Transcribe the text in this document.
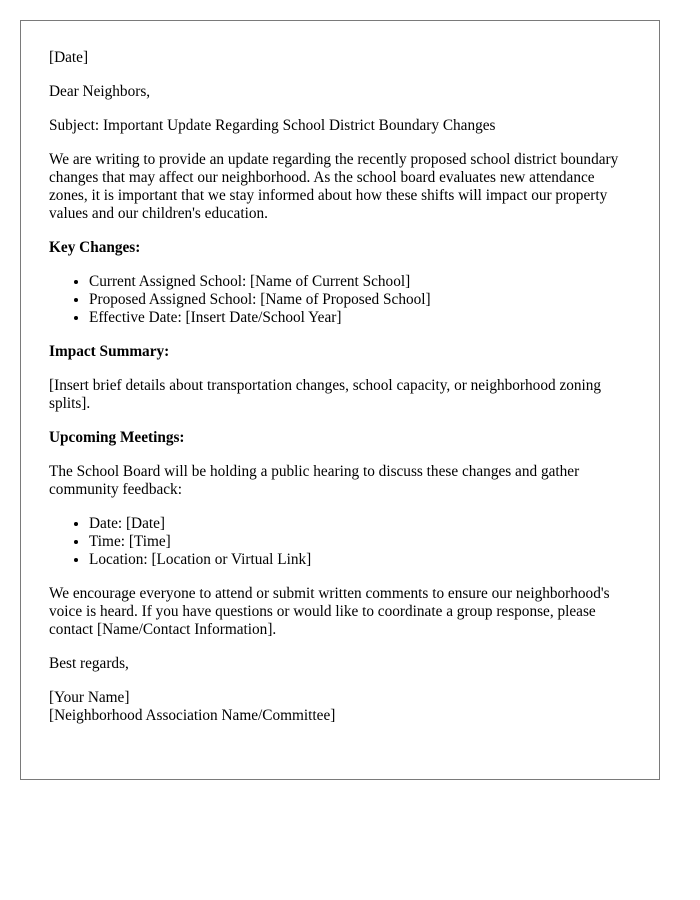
[Date]

Dear Neighbors,

Subject: Important Update Regarding School District Boundary Changes

We are writing to provide an update regarding the recently proposed school district boundary changes that may affect our neighborhood. As the school board evaluates new attendance zones, it is important that we stay informed about how these shifts will impact our property values and our children's education.

Key Changes:
• Current Assigned School: [Name of Current School]
• Proposed Assigned School: [Name of Proposed School]
• Effective Date: [Insert Date/School Year]
Impact Summary:

[Insert brief details about transportation changes, school capacity, or neighborhood zoning splits].

Upcoming Meetings:

The School Board will be holding a public hearing to discuss these changes and gather community feedback:

• Date: [Date]
• Time: [Time]
• Location: [Location or Virtual Link]

We encourage everyone to attend or submit written comments to ensure our neighborhood's voice is heard. If you have questions or would like to coordinate a group response, please contact [Name/Contact Information].

Best regards,

[Your Name]
[Neighborhood Association Name/Committee]
